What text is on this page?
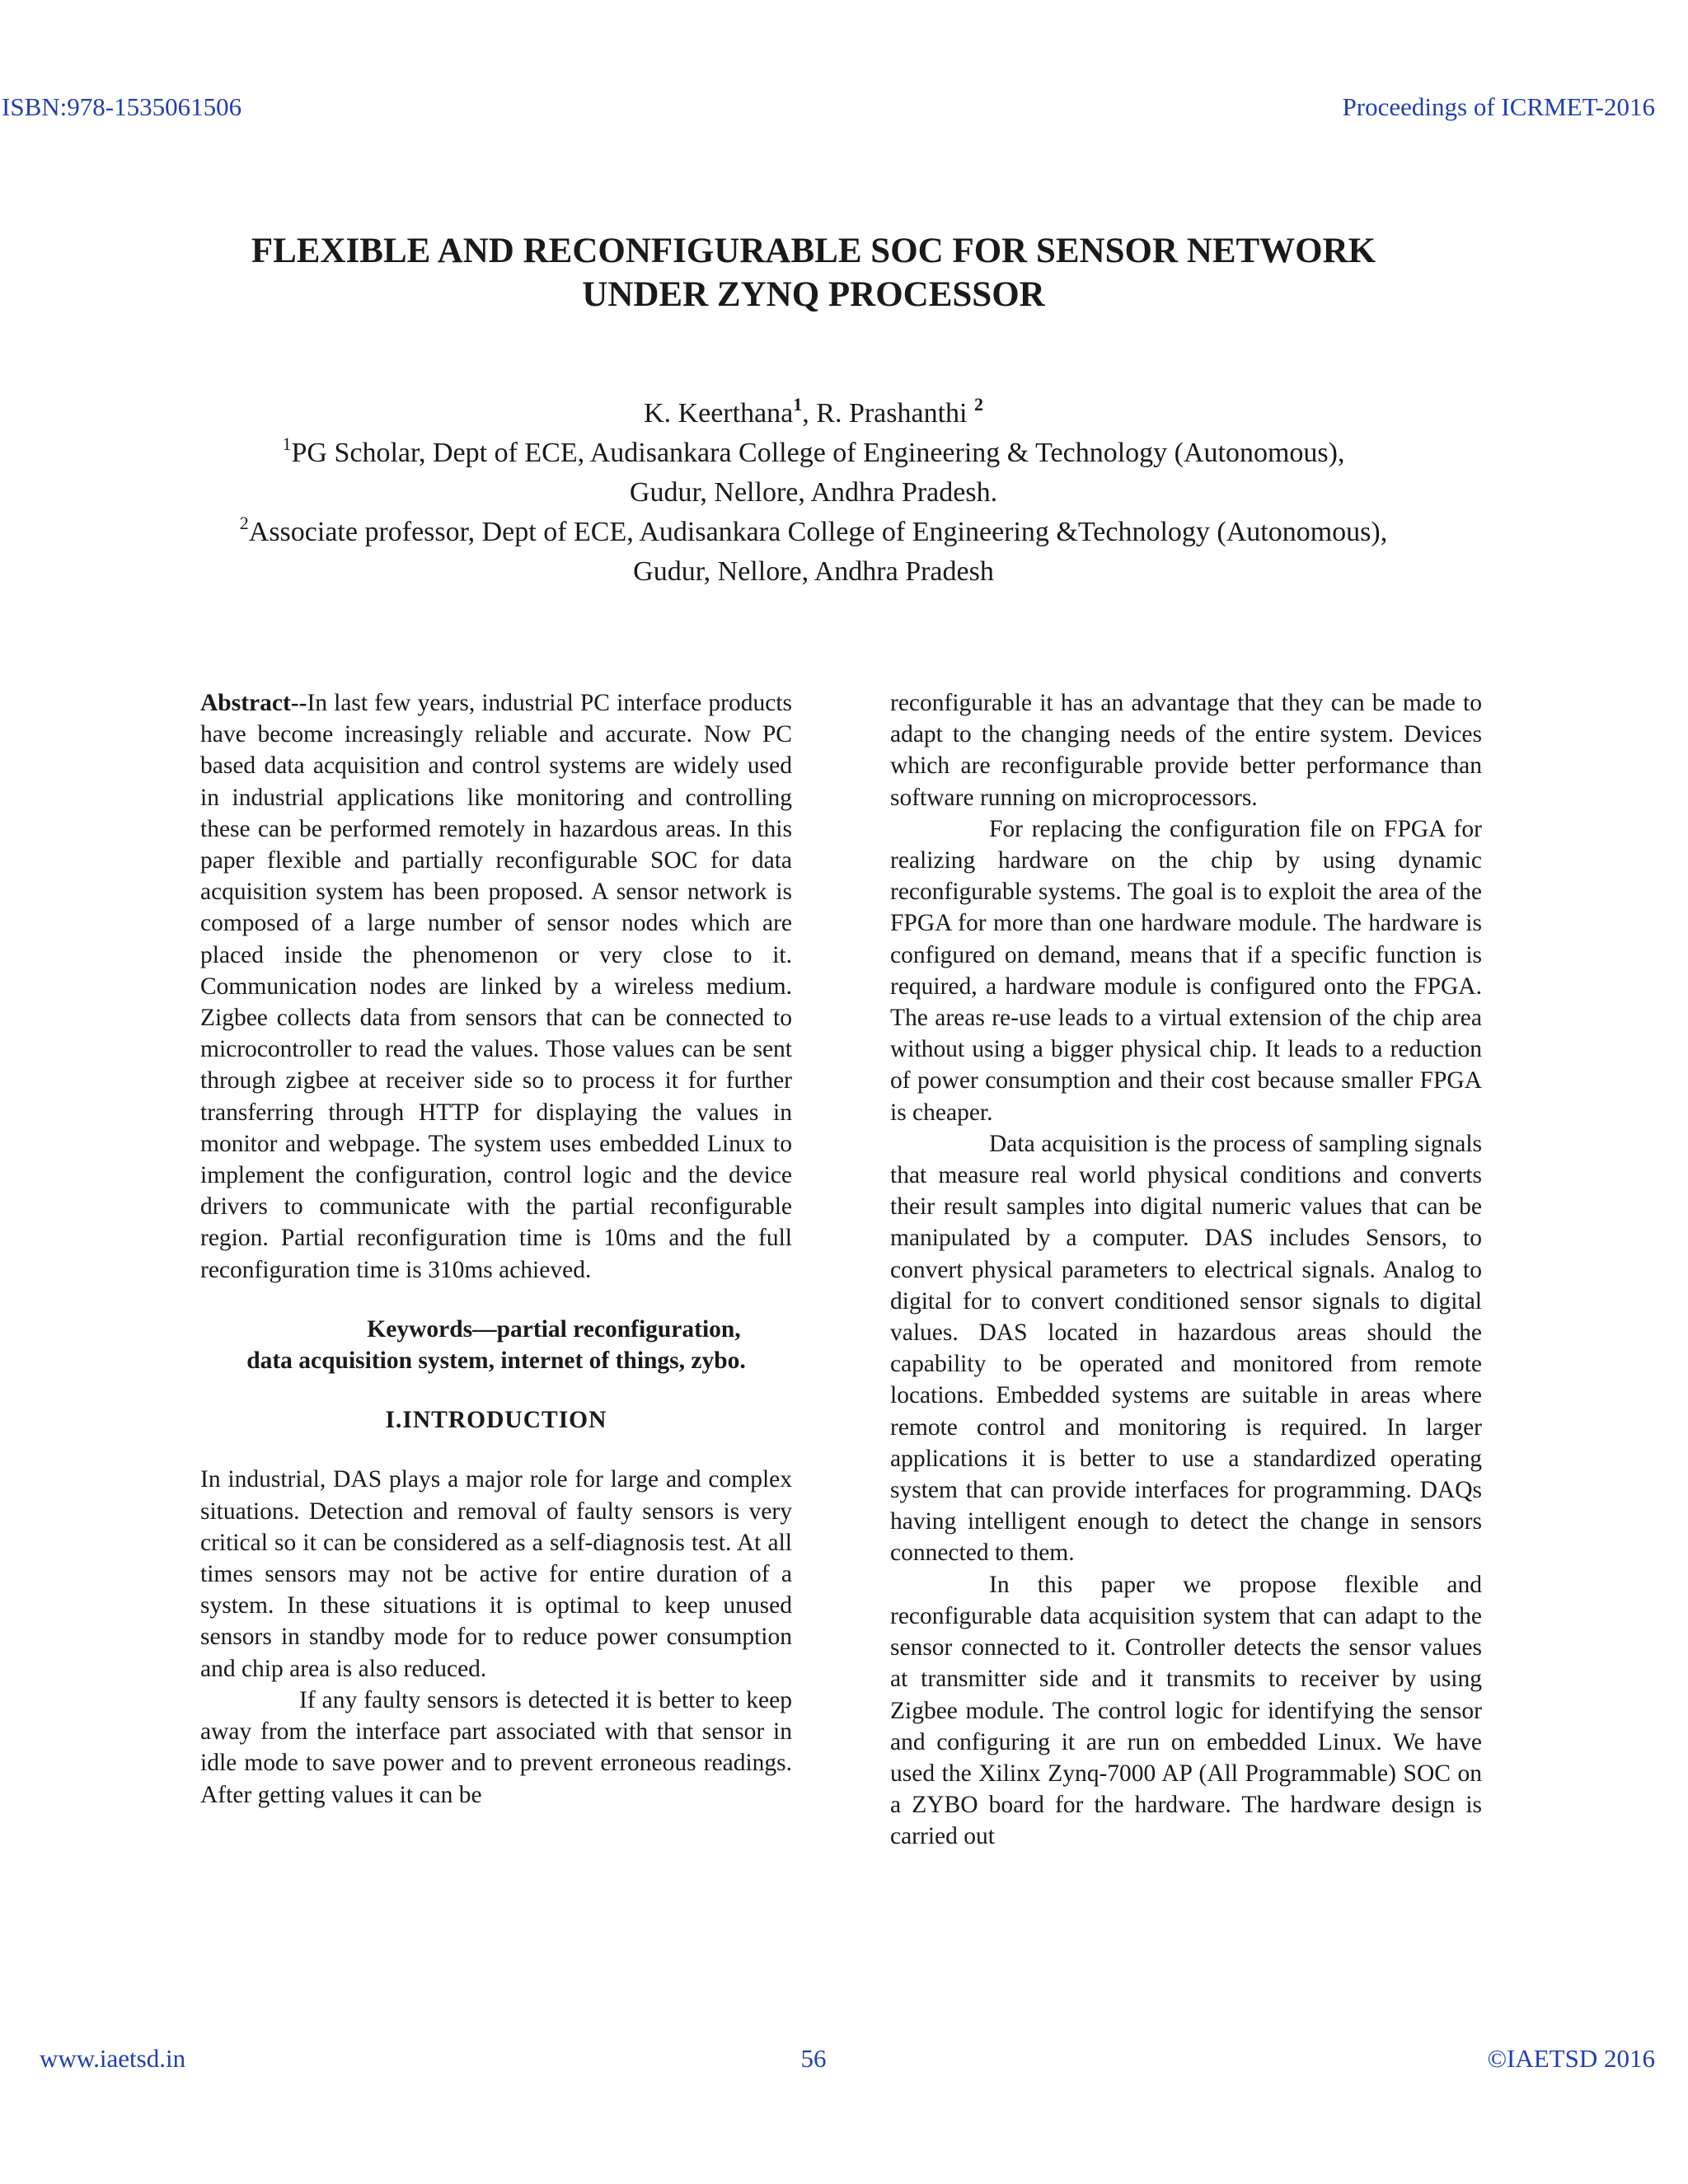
ISBN:978-1535061506	Proceedings of ICRMET-2016
FLEXIBLE AND RECONFIGURABLE SOC FOR SENSOR NETWORK
UNDER ZYNQ PROCESSOR
K. Keerthana$^1$, R. Prashanthi $^2$
$^1$PG Scholar, Dept of ECE, Audisankara College of Engineering & Technology (Autonomous),
Gudur, Nellore, Andhra Pradesh.
$^2$Associate professor, Dept of ECE, Audisankara College of Engineering &Technology (Autonomous),
Gudur, Nellore, Andhra Pradesh

Abstract--In last few years, industrial PC interface products have become increasingly reliable and accurate. Now PC based data acquisition and control systems are widely used in industrial applications like monitoring and controlling these can be performed remotely in hazardous areas. In this paper flexible and partially reconfigurable SOC for data acquisition system has been proposed. A sensor network is composed of a large number of sensor nodes which are placed inside the phenomenon or very close to it. Communication nodes are linked by a wireless medium. Zigbee collects data from sensors that can be connected to microcontroller to read the values. Those values can be sent through zigbee at receiver side so to process it for further transferring through HTTP for displaying the values in monitor and webpage. The system uses embedded Linux to implement the configuration, control logic and the device drivers to communicate with the partial reconfigurable region. Partial reconfiguration time is 10ms and the full reconfiguration time is 310ms achieved.

Keywords—partial reconfiguration,
data acquisition system, internet of things, zybo.

I.INTRODUCTION

In industrial, DAS plays a major role for large and complex situations. Detection and removal of faulty sensors is very critical so it can be considered as a self-diagnosis test. At all times sensors may not be active for entire duration of a system. In these situations it is optimal to keep unused sensors in standby mode for to reduce power consumption and chip area is also reduced.

If any faulty sensors is detected it is better to keep away from the interface part associated with that sensor in idle mode to save power and to prevent erroneous readings. After getting values it can be

reconfigurable it has an advantage that they can be made to adapt to the changing needs of the entire system. Devices which are reconfigurable provide better performance than software running on microprocessors.

For replacing the configuration file on FPGA for realizing hardware on the chip by using dynamic reconfigurable systems. The goal is to exploit the area of the FPGA for more than one hardware module. The hardware is configured on demand, means that if a specific function is required, a hardware module is configured onto the FPGA. The areas re-use leads to a virtual extension of the chip area without using a bigger physical chip. It leads to a reduction of power consumption and their cost because smaller FPGA is cheaper.

Data acquisition is the process of sampling signals that measure real world physical conditions and converts their result samples into digital numeric values that can be manipulated by a computer. DAS includes Sensors, to convert physical parameters to electrical signals. Analog to digital for to convert conditioned sensor signals to digital values. DAS located in hazardous areas should the capability to be operated and monitored from remote locations. Embedded systems are suitable in areas where remote control and monitoring is required. In larger applications it is better to use a standardized operating system that can provide interfaces for programming. DAQs having intelligent enough to detect the change in sensors connected to them.

In this paper we propose flexible and reconfigurable data acquisition system that can adapt to the sensor connected to it. Controller detects the sensor values at transmitter side and it transmits to receiver by using Zigbee module. The control logic for identifying the sensor and configuring it are run on embedded Linux. We have used the Xilinx Zynq-7000 AP (All Programmable) SOC on a ZYBO board for the hardware. The hardware design is carried out

www.iaetsd.in	56	©IAETSD 2016
